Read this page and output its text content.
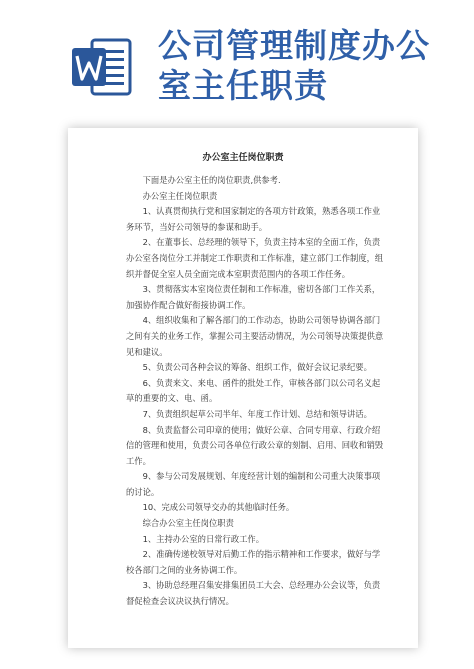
公司管理制度办公室主任职责
办公室主任岗位职责

下面是办公室主任的岗位职责,供参考.

办公室主任岗位职责

1、认真贯彻执行党和国家制定的各项方针政策，熟悉各项工作业务环节，当好公司领导的参谋和助手。

2、在董事长、总经理的领导下，负责主持本室的全面工作，负责办公室各岗位分工并制定工作职责和工作标准，建立部门工作制度，组织并督促全室人员全面完成本室职责范围内的各项工作任务。

3、贯彻落实本室岗位责任制和工作标准，密切各部门工作关系，加强协作配合做好衔接协调工作。

4、组织收集和了解各部门的工作动态，协助公司领导协调各部门之间有关的业务工作，掌握公司主要活动情况，为公司领导决策提供意见和建议。

5、负责公司各种会议的筹备、组织工作，做好会议记录纪要。

6、负责来文、来电、函件的批处工作，审核各部门以公司名义起草的重要的文、电、函。

7、负责组织起草公司半年、年度工作计划、总结和领导讲话。

8、负责监督公司印章的使用；做好公章、合同专用章、行政介绍信的管理和使用，负责公司各单位行政公章的刻制、启用、回收和销毁工作。

9、参与公司发展规划、年度经营计划的编制和公司重大决策事项的讨论。

10、完成公司领导交办的其他临时任务。

综合办公室主任岗位职责

1、主持办公室的日常行政工作。

2、准确传递校领导对后勤工作的指示精神和工作要求，做好与学校各部门之间的业务协调工作。

3、协助总经理召集安排集团员工大会、总经理办公会议等，负责督促检查会议决议执行情况。
